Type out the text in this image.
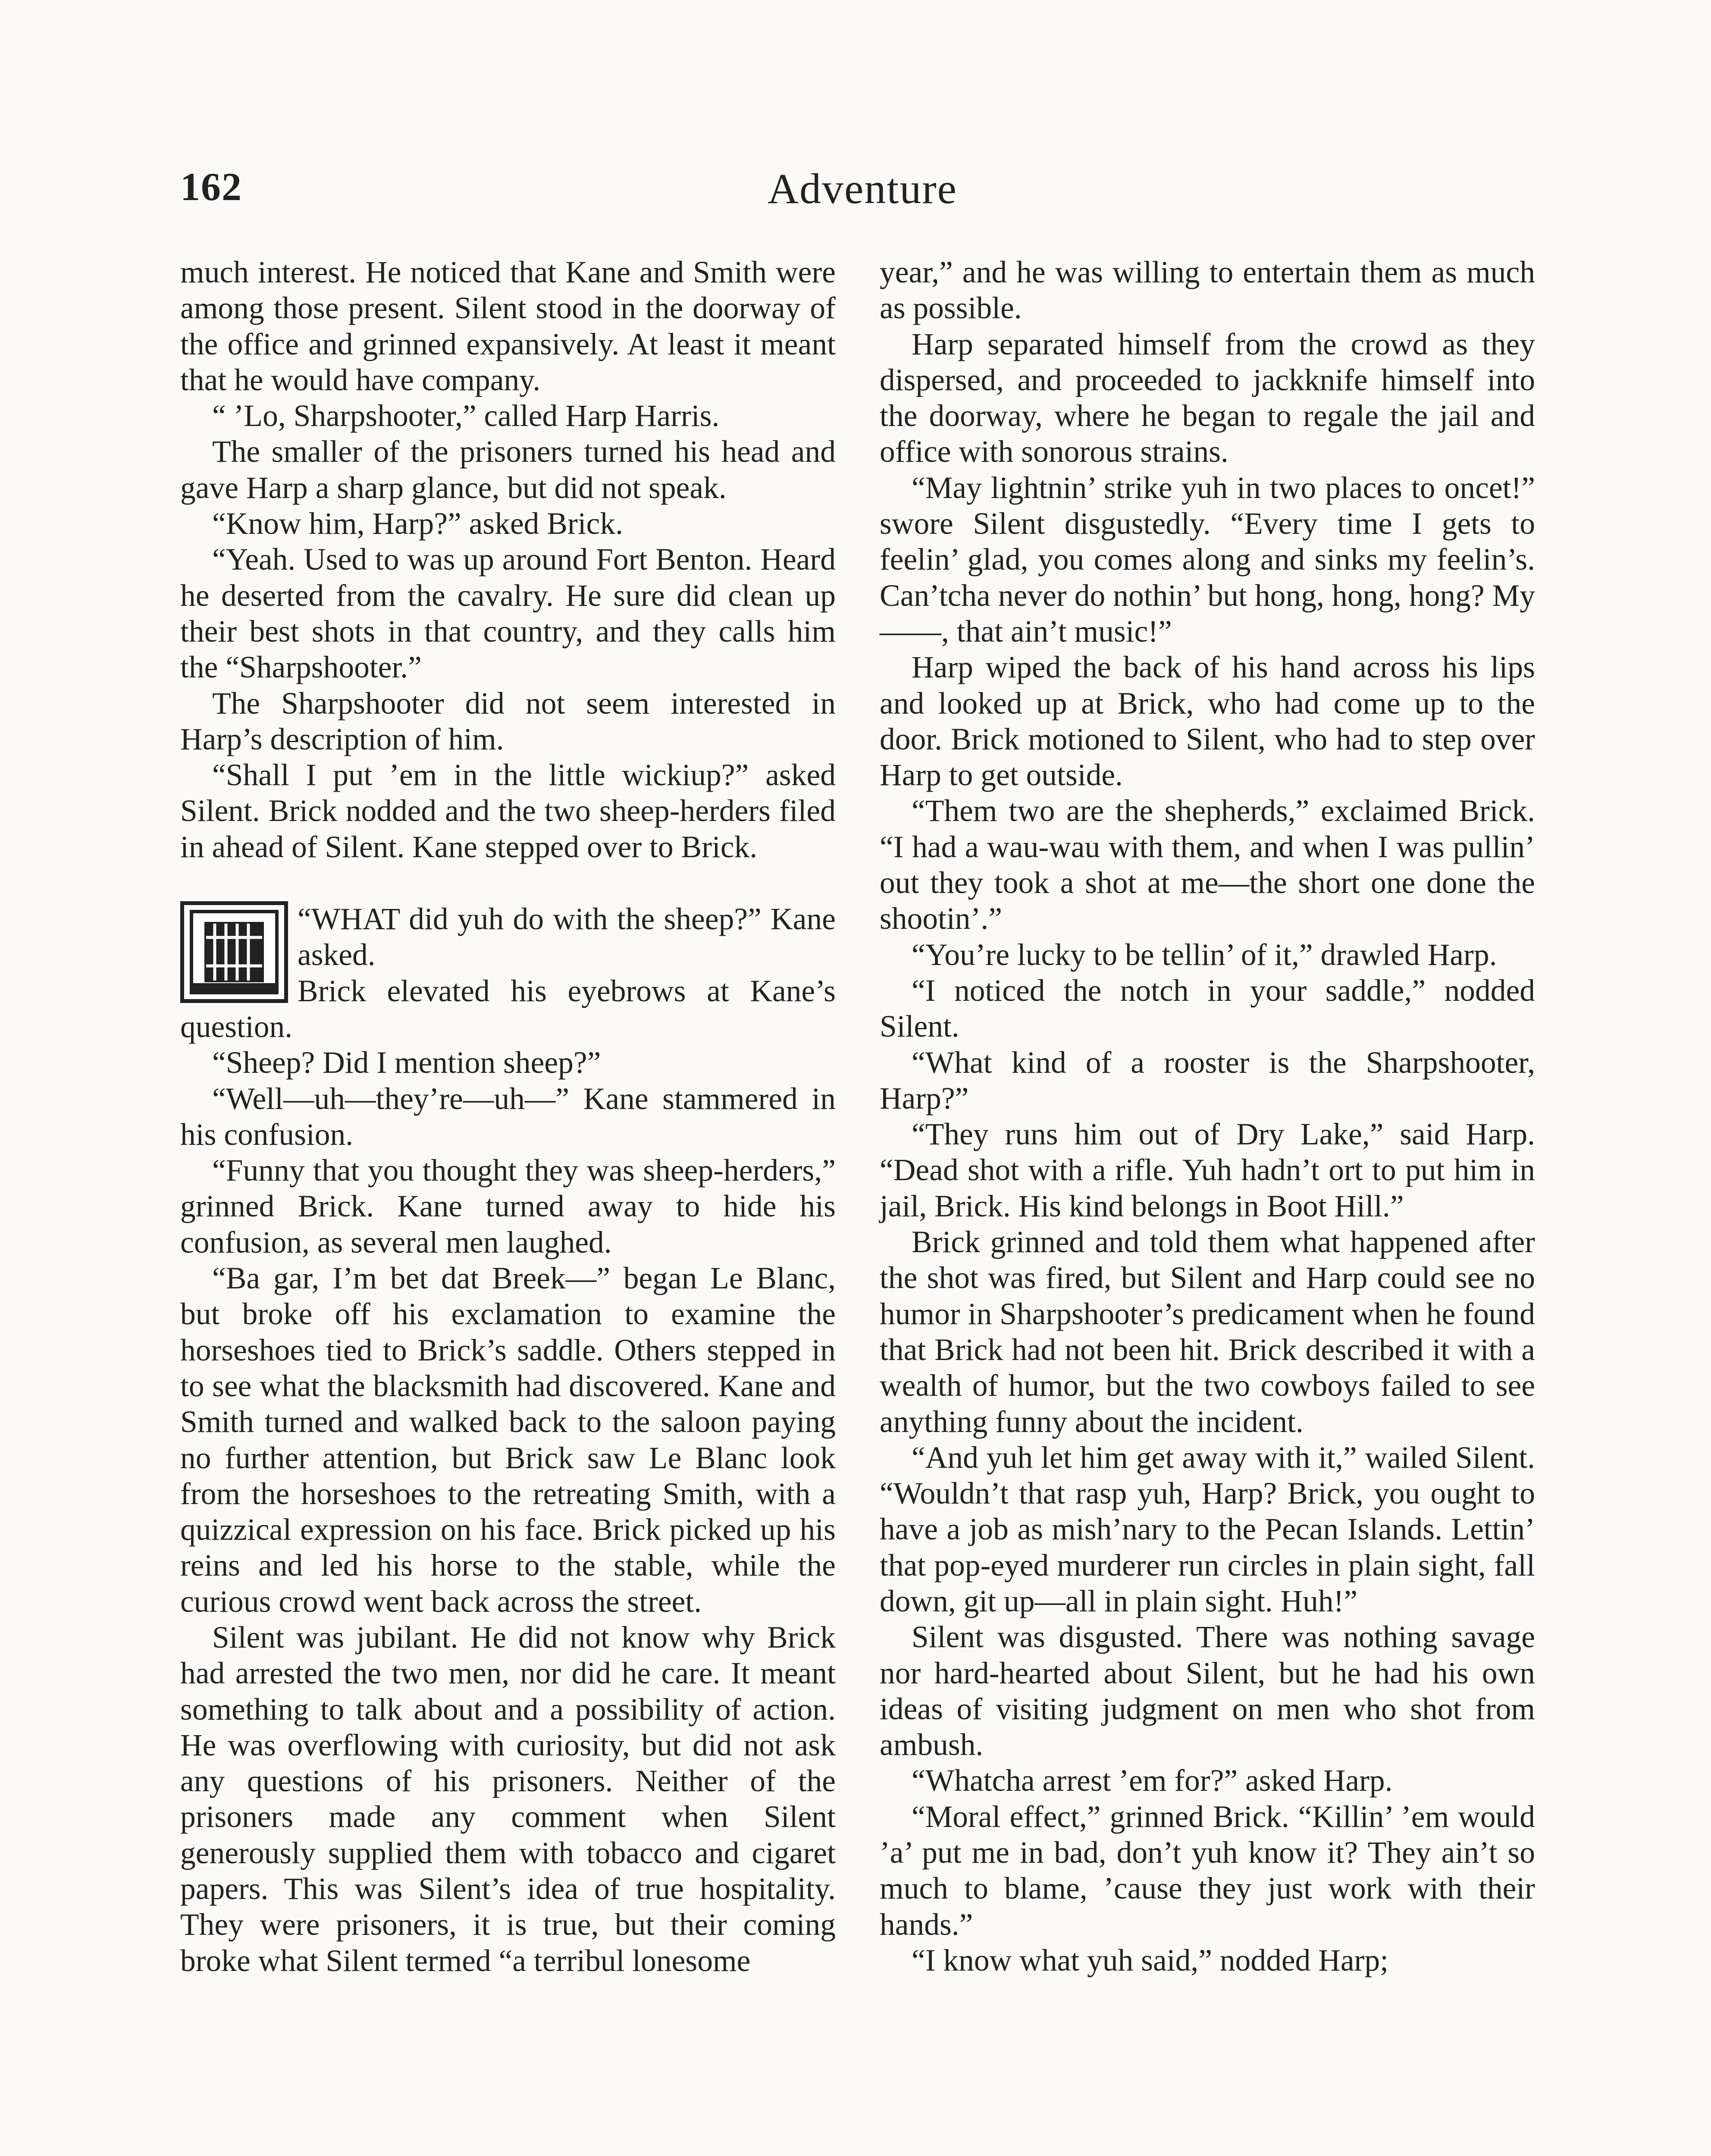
162	Adventure

much interest. He noticed that Kane and Smith were among those present. Silent stood in the doorway of the office and grinned expansively. At least it meant that he would have company.

“ ’Lo, Sharpshooter,” called Harp Harris.

The smaller of the prisoners turned his head and gave Harp a sharp glance, but did not speak.

“Know him, Harp?” asked Brick.

“Yeah. Used to was up around Fort Benton. Heard he deserted from the cavalry. He sure did clean up their best shots in that country, and they calls him the “Sharpshooter.”

The Sharpshooter did not seem interested in Harp’s description of him.

“Shall I put ’em in the little wickiup?” asked Silent. Brick nodded and the two sheep-herders filed in ahead of Silent. Kane stepped over to Brick.

“WHAT did yuh do with the sheep?” Kane asked.

Brick elevated his eyebrows at Kane’s question.

“Sheep? Did I mention sheep?”

“Well—uh—they’re—uh—” Kane stammered in his confusion.

“Funny that you thought they was sheep-herders,” grinned Brick. Kane turned away to hide his confusion, as several men laughed.

“Ba gar, I’m bet dat Breek—” began Le Blanc, but broke off his exclamation to examine the horseshoes tied to Brick’s saddle. Others stepped in to see what the blacksmith had discovered. Kane and Smith turned and walked back to the saloon paying no further attention, but Brick saw Le Blanc look from the horseshoes to the retreating Smith, with a quizzical expression on his face. Brick picked up his reins and led his horse to the stable, while the curious crowd went back across the street.

Silent was jubilant. He did not know why Brick had arrested the two men, nor did he care. It meant something to talk about and a possibility of action. He was overflowing with curiosity, but did not ask any questions of his prisoners. Neither of the prisoners made any comment when Silent generously supplied them with tobacco and cigaret papers. This was Silent’s idea of true hospitality. They were prisoners, it is true, but their coming broke what Silent termed “a terribul lonesome

year,” and he was willing to entertain them as much as possible.

Harp separated himself from the crowd as they dispersed, and proceeded to jackknife himself into the doorway, where he began to regale the jail and office with sonorous strains.

“May lightnin’ strike yuh in two places to oncet!” swore Silent disgustedly. “Every time I gets to feelin’ glad, you comes along and sinks my feelin’s. Can’tcha never do nothin’ but hong, hong, hong? My ——, that ain’t music!”

Harp wiped the back of his hand across his lips and looked up at Brick, who had come up to the door. Brick motioned to Silent, who had to step over Harp to get outside.

“Them two are the shepherds,” exclaimed Brick. “I had a wau-wau with them, and when I was pullin’ out they took a shot at me—the short one done the shootin’.”

“You’re lucky to be tellin’ of it,” drawled Harp.

“I noticed the notch in your saddle,” nodded Silent.

“What kind of a rooster is the Sharpshooter, Harp?”

“They runs him out of Dry Lake,” said Harp. “Dead shot with a rifle. Yuh hadn’t ort to put him in jail, Brick. His kind belongs in Boot Hill.”

Brick grinned and told them what happened after the shot was fired, but Silent and Harp could see no humor in Sharpshooter’s predicament when he found that Brick had not been hit. Brick described it with a wealth of humor, but the two cowboys failed to see anything funny about the incident.

“And yuh let him get away with it,” wailed Silent. “Wouldn’t that rasp yuh, Harp? Brick, you ought to have a job as mish’nary to the Pecan Islands. Lettin’ that pop-eyed murderer run circles in plain sight, fall down, git up—all in plain sight. Huh!”

Silent was disgusted. There was nothing savage nor hard-hearted about Silent, but he had his own ideas of visiting judgment on men who shot from ambush.

“Whatcha arrest ’em for?” asked Harp.

“Moral effect,” grinned Brick. “Killin’ ’em would ’a’ put me in bad, don’t yuh know it? They ain’t so much to blame, ’cause they just work with their hands.”

“I know what yuh said,” nodded Harp;
